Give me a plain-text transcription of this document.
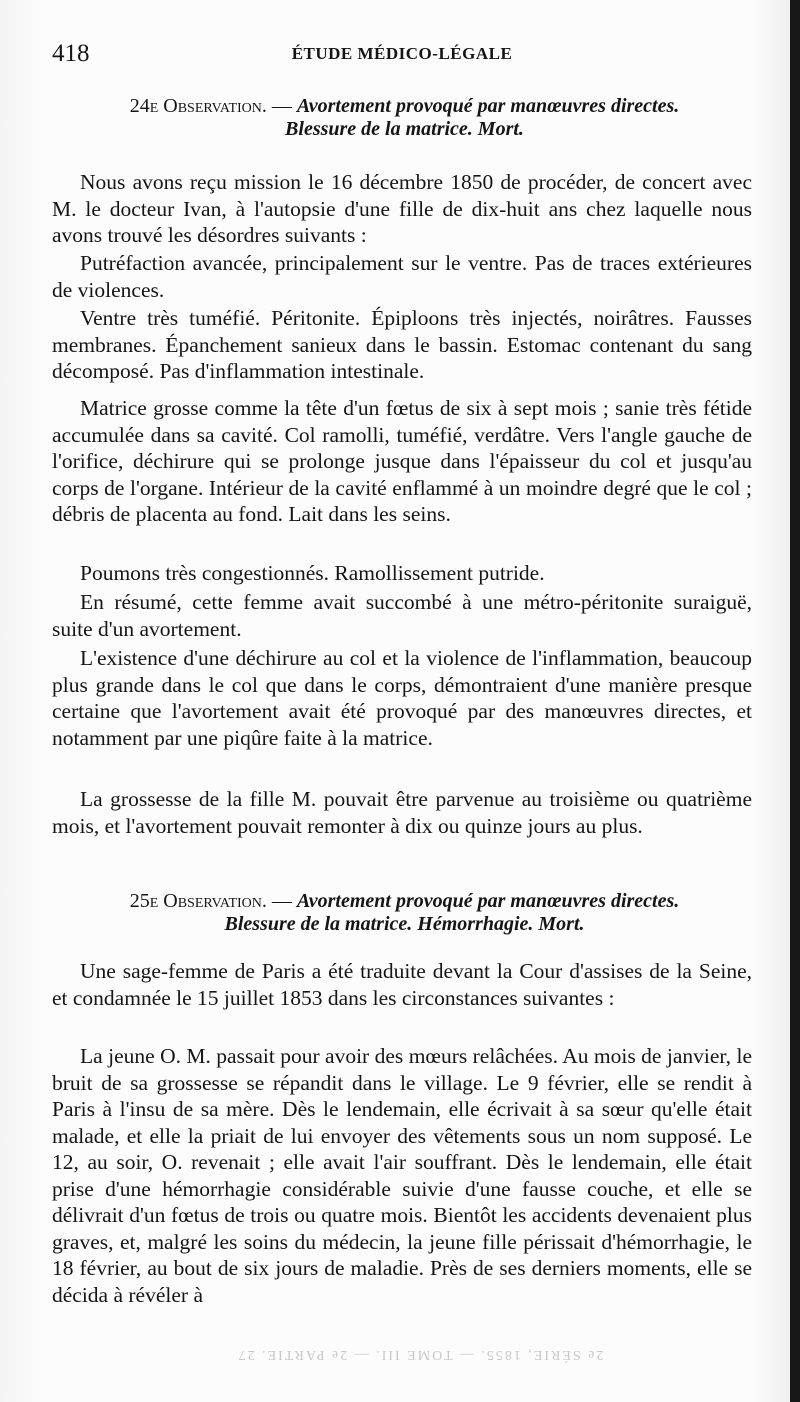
418	ÉTUDE MÉDICO-LÉGALE
24e Observation. — Avortement provoqué par manœuvres directes.
Blessure de la matrice. Mort.

Nous avons reçu mission le 16 décembre 1850 de procéder, de concert avec M. le docteur Ivan, à l'autopsie d'une fille de dix-huit ans chez laquelle nous avons trouvé les désordres suivants :

Putréfaction avancée, principalement sur le ventre. Pas de traces extérieures de violences.

Ventre très tuméfié. Péritonite. Épiploons très injectés, noirâtres. Fausses membranes. Épanchement sanieux dans le bassin. Estomac contenant du sang décomposé. Pas d'inflammation intestinale.

Matrice grosse comme la tête d'un fœtus de six à sept mois ; sanie très fétide accumulée dans sa cavité. Col ramolli, tuméfié, verdâtre. Vers l'angle gauche de l'orifice, déchirure qui se prolonge jusque dans l'épaisseur du col et jusqu'au corps de l'organe. Intérieur de la cavité enflammé à un moindre degré que le col ; débris de placenta au fond. Lait dans les seins.

Poumons très congestionnés. Ramollissement putride.

En résumé, cette femme avait succombé à une métro-péritonite suraiguë, suite d'un avortement.

L'existence d'une déchirure au col et la violence de l'inflammation, beaucoup plus grande dans le col que dans le corps, démontraient d'une manière presque certaine que l'avortement avait été provoqué par des manœuvres directes, et notamment par une piqûre faite à la matrice.

La grossesse de la fille M. pouvait être parvenue au troisième ou quatrième mois, et l'avortement pouvait remonter à dix ou quinze jours au plus.

25e Observation. — Avortement provoqué par manœuvres directes.
Blessure de la matrice. Hémorrhagie. Mort.

Une sage-femme de Paris a été traduite devant la Cour d'assises de la Seine, et condamnée le 15 juillet 1853 dans les circonstances suivantes :

La jeune O. M. passait pour avoir des mœurs relâchées. Au mois de janvier, le bruit de sa grossesse se répandit dans le village. Le 9 février, elle se rendit à Paris à l'insu de sa mère. Dès le lendemain, elle écrivait à sa sœur qu'elle était malade, et elle la priait de lui envoyer des vêtements sous un nom supposé. Le 12, au soir, O. revenait ; elle avait l'air souffrant. Dès le lendemain, elle était prise d'une hémorrhagie considérable suivie d'une fausse couche, et elle se délivrait d'un fœtus de trois ou quatre mois. Bientôt les accidents devenaient plus graves, et, malgré les soins du médecin, la jeune fille périssait d'hémorrhagie, le 18 février, au bout de six jours de maladie. Près de ses derniers moments, elle se décida à révéler à

2e SÉRIE, 1855. — TOME III. — 2e PARTIE. 27
